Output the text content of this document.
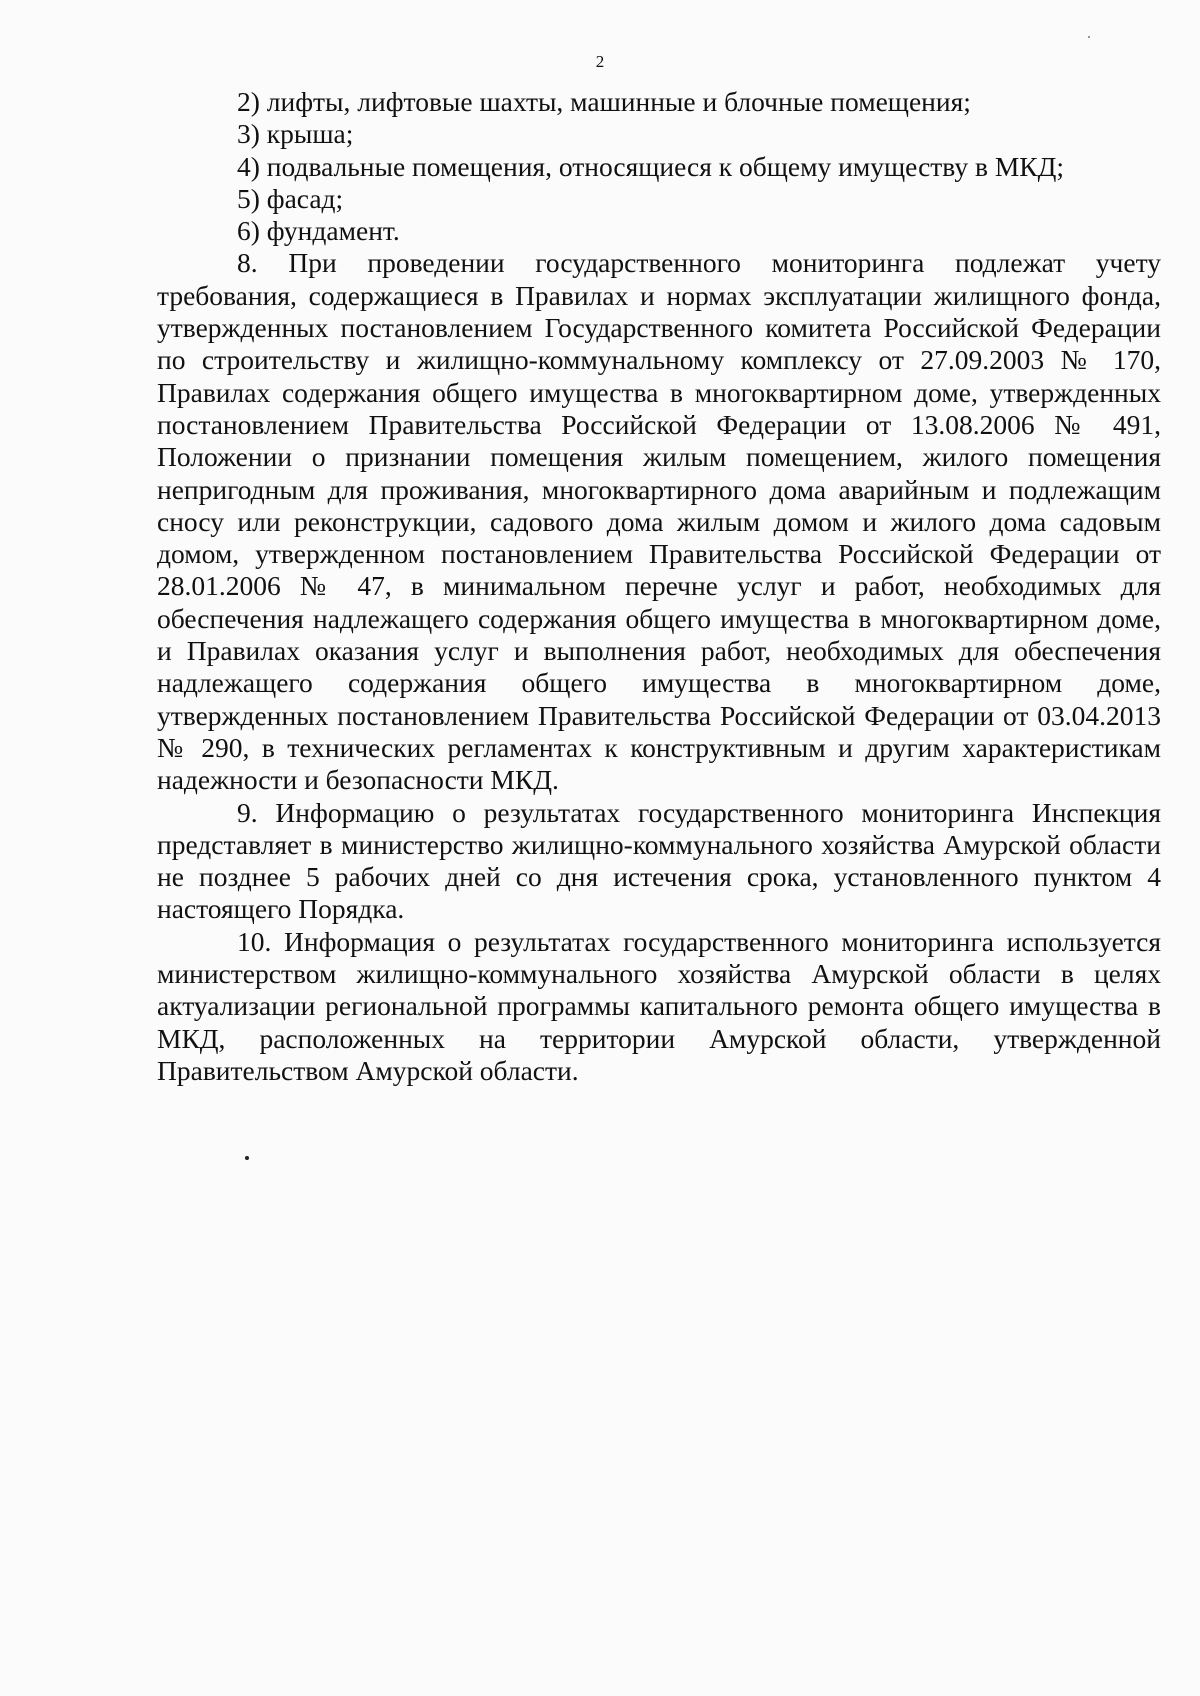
2

2) лифты, лифтовые шахты, машинные и блочные помещения;

3) крыша;

4) подвальные помещения, относящиеся к общему имуществу в МКД;

5) фасад;

6) фундамент.

8. При проведении государственного мониторинга подлежат учету требования, содержащиеся в Правилах и нормах эксплуатации жилищного фонда, утвержденных постановлением Государственного комитета Российской Федерации по строительству и жилищно-коммунальному комплексу от 27.09.2003 № 170, Правилах содержания общего имущества в многоквартирном доме, утвержденных постановлением Правительства Российской Федерации от 13.08.2006 № 491, Положении о признании помещения жилым помещением, жилого помещения непригодным для проживания, многоквартирного дома аварийным и подлежащим сносу или реконструкции, садового дома жилым домом и жилого дома садовым домом, утвержденном постановлением Правительства Российской Федерации от 28.01.2006 № 47, в минимальном перечне услуг и работ, необходимых для обеспечения надлежащего содержания общего имущества в многоквартирном доме, и Правилах оказания услуг и выполнения работ, необходимых для обеспечения надлежащего содержания общего имущества в многоквартирном доме, утвержденных постановлением Правительства Российской Федерации от 03.04.2013 № 290, в технических регламентах к конструктивным и другим характеристикам надежности и безопасности МКД.

9. Информацию о результатах государственного мониторинга Инспекция представляет в министерство жилищно-коммунального хозяйства Амурской области не позднее 5 рабочих дней со дня истечения срока, установленного пунктом 4 настоящего Порядка.

10. Информация о результатах государственного мониторинга используется министерством жилищно-коммунального хозяйства Амурской области в целях актуализации региональной программы капитального ремонта общего имущества в МКД, расположенных на территории Амурской области, утвержденной Правительством Амурской области.
